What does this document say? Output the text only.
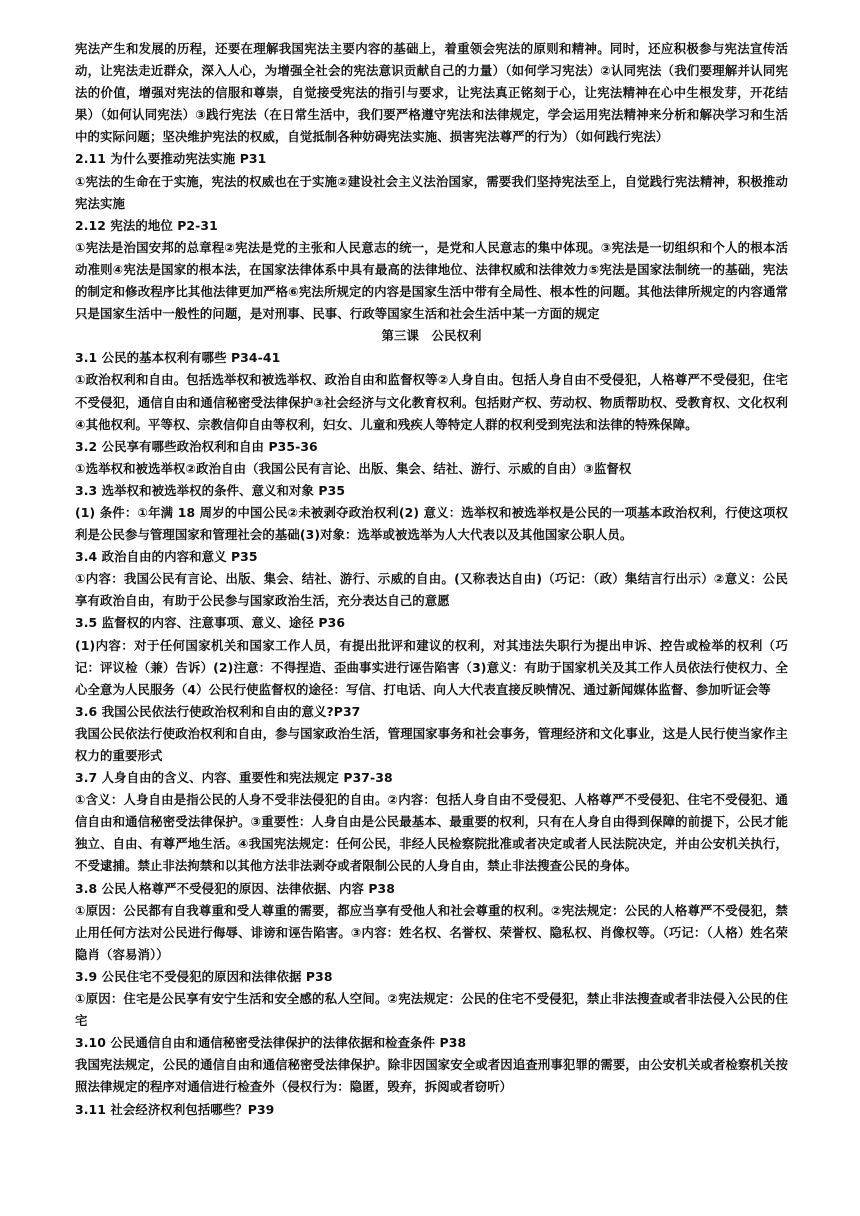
宪法产生和发展的历程，还要在理解我国宪法主要内容的基础上，着重领会宪法的原则和精神。同时，还应积极参与宪法宣传活动，让宪法走近群众，深入人心，为增强全社会的宪法意识贡献自己的力量）（如何学习宪法）②认同宪法（我们要理解并认同宪法的价值，增强对宪法的信服和尊崇，自觉接受宪法的指引与要求，让宪法真正铭刻于心，让宪法精神在心中生根发芽，开花结果）（如何认同宪法）③践行宪法（在日常生活中，我们要严格遵守宪法和法律规定，学会运用宪法精神来分析和解决学习和生活中的实际问题；坚决维护宪法的权威，自觉抵制各种妨碍宪法实施、损害宪法尊严的行为）（如何践行宪法）

2.11 为什么要推动宪法实施 P31

①宪法的生命在于实施，宪法的权威也在于实施②建设社会主义法治国家，需要我们坚持宪法至上，自觉践行宪法精神，积极推动宪法实施

2.12 宪法的地位 P2-31

①宪法是治国安邦的总章程②宪法是党的主张和人民意志的统一，是党和人民意志的集中体现。③宪法是一切组织和个人的根本活动准则④宪法是国家的根本法，在国家法律体系中具有最高的法律地位、法律权威和法律效力⑤宪法是国家法制统一的基础，宪法的制定和修改程序比其他法律更加严格⑥宪法所规定的内容是国家生活中带有全局性、根本性的问题。其他法律所规定的内容通常只是国家生活中一般性的问题，是对刑事、民事、行政等国家生活和社会生活中某一方面的规定

第三课　公民权利

3.1 公民的基本权利有哪些 P34-41

①政治权利和自由。包括选举权和被选举权、政治自由和监督权等②人身自由。包括人身自由不受侵犯，人格尊严不受侵犯，住宅不受侵犯，通信自由和通信秘密受法律保护③社会经济与文化教育权利。包括财产权、劳动权、物质帮助权、受教育权、文化权利④其他权利。平等权、宗教信仰自由等权利，妇女、儿童和残疾人等特定人群的权利受到宪法和法律的特殊保障。

3.2 公民享有哪些政治权利和自由 P35-36

①选举权和被选举权②政治自由（我国公民有言论、出版、集会、结社、游行、示威的自由）③监督权

3.3 选举权和被选举权的条件、意义和对象 P35

(1) 条件：①年满 18 周岁的中国公民②未被剥夺政治权利(2) 意义：选举权和被选举权是公民的一项基本政治权利，行使这项权利是公民参与管理国家和管理社会的基础(3)对象：选举或被选举为人大代表以及其他国家公职人员。

3.4 政治自由的内容和意义 P35

①内容：我国公民有言论、出版、集会、结社、游行、示威的自由。(又称表达自由)（巧记：（政）集结言行出示）②意义：公民享有政治自由，有助于公民参与国家政治生活，充分表达自己的意愿

3.5 监督权的内容、注意事项、意义、途径 P36

(1)内容：对于任何国家机关和国家工作人员，有提出批评和建议的权利，对其违法失职行为提出申诉、控告或检举的权利（巧记：评议检（兼）告诉）(2)注意：不得捏造、歪曲事实进行诬告陷害（3)意义：有助于国家机关及其工作人员依法行使权力、全心全意为人民服务（4）公民行使监督权的途径：写信、打电话、向人大代表直接反映情况、通过新闻媒体监督、参加听证会等

3.6 我国公民依法行使政治权利和自由的意义?P37

我国公民依法行使政治权利和自由，参与国家政治生活，管理国家事务和社会事务，管理经济和文化事业，这是人民行使当家作主权力的重要形式

3.7 人身自由的含义、内容、重要性和宪法规定 P37-38

①含义：人身自由是指公民的人身不受非法侵犯的自由。②内容：包括人身自由不受侵犯、人格尊严不受侵犯、住宅不受侵犯、通信自由和通信秘密受法律保护。③重要性：人身自由是公民最基本、最重要的权利，只有在人身自由得到保障的前提下，公民才能独立、自由、有尊严地生活。④我国宪法规定：任何公民，非经人民检察院批准或者决定或者人民法院决定，并由公安机关执行，不受逮捕。禁止非法拘禁和以其他方法非法剥夺或者限制公民的人身自由，禁止非法搜查公民的身体。

3.8 公民人格尊严不受侵犯的原因、法律依据、内容 P38

①原因：公民都有自我尊重和受人尊重的需要，都应当享有受他人和社会尊重的权利。②宪法规定：公民的人格尊严不受侵犯，禁止用任何方法对公民进行侮辱、诽谤和诬告陷害。③内容：姓名权、名誉权、荣誉权、隐私权、肖像权等。（巧记：（人格）姓名荣隐肖（容易消））

3.9 公民住宅不受侵犯的原因和法律依据 P38

①原因：住宅是公民享有安宁生活和安全感的私人空间。②宪法规定：公民的住宅不受侵犯，禁止非法搜查或者非法侵入公民的住宅

3.10 公民通信自由和通信秘密受法律保护的法律依据和检查条件 P38

我国宪法规定，公民的通信自由和通信秘密受法律保护。除非因国家安全或者因追查刑事犯罪的需要，由公安机关或者检察机关按照法律规定的程序对通信进行检查外（侵权行为：隐匿，毁弃，拆阅或者窃听）

3.11 社会经济权利包括哪些？P39
